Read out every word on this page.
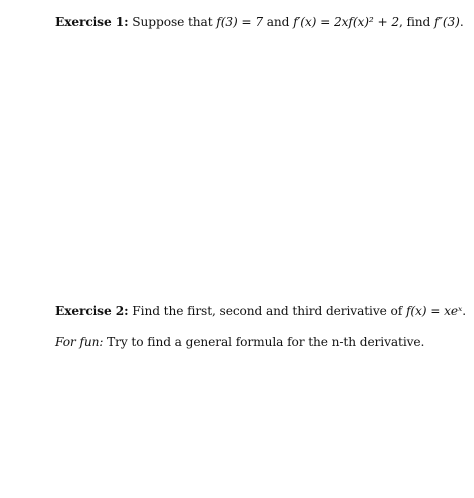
Exercise 1: Suppose that f(3) = 7 and f′(x) = 2xf(x)² + 2, find f″(3).
Exercise 2: Find the first, second and third derivative of f(x) = xeˣ.
For fun: Try to find a general formula for the n-th derivative.
